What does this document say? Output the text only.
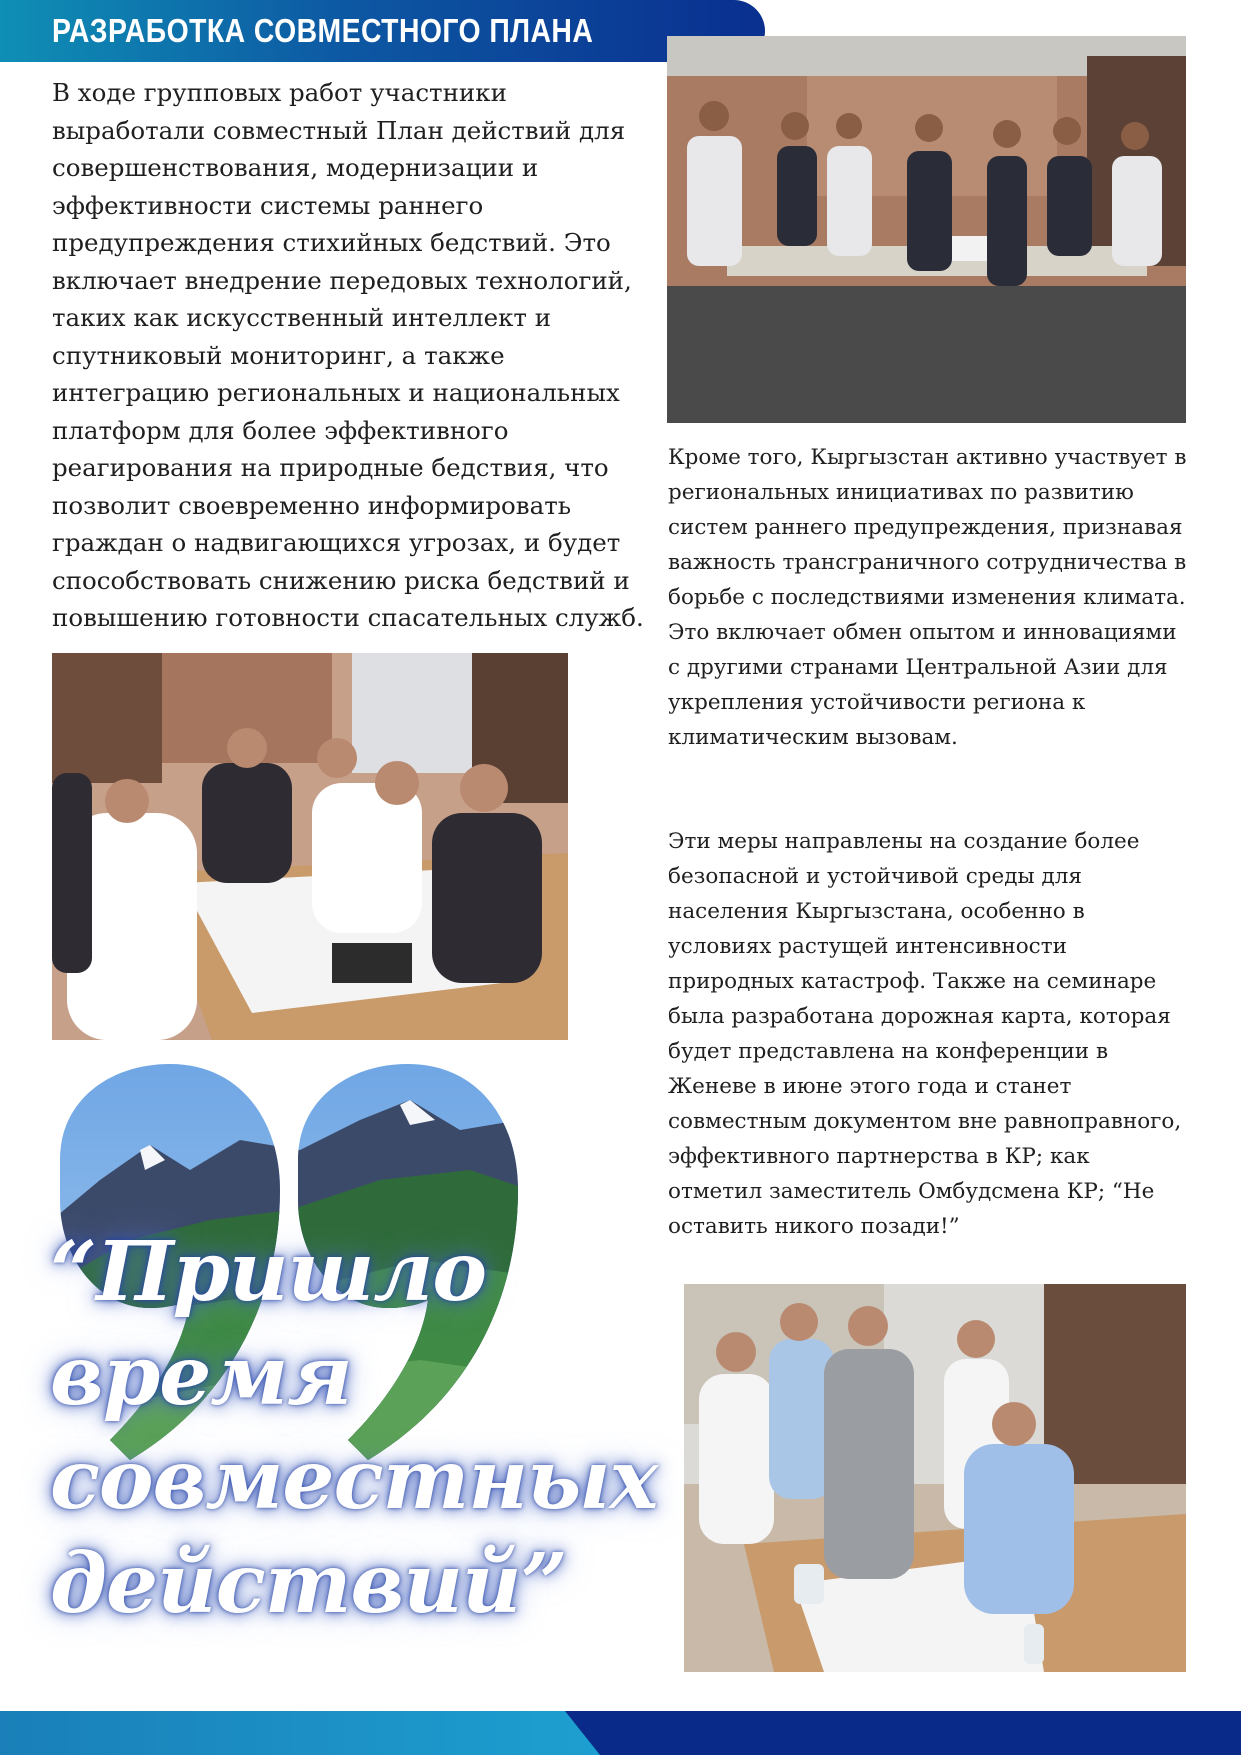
РАЗРАБОТКА СОВМЕСТНОГО ПЛАНА

В ходе групповых работ участники выработали совместный План действий для совершенствования, модернизации и эффективности системы раннего предупреждения стихийных бедствий. Это включает внедрение передовых технологий, таких как искусственный интеллект и спутниковый мониторинг, а также интеграцию региональных и национальных платформ для более эффективного реагирования на природные бедствия, что позволит своевременно информировать граждан о надвигающихся угрозах, и будет способствовать снижению риска бедствий и повышению готовности спасательных служб.

Кроме того, Кыргызстан активно участвует в региональных инициативах по развитию систем раннего предупреждения, признавая важность трансграничного сотрудничества в борьбе с последствиями изменения климата. Это включает обмен опытом и инновациями с другими странами Центральной Азии для укрепления устойчивости региона к климатическим вызовам.

“Пришло
время
совместных
действий”

Эти меры направлены на создание более безопасной и устойчивой среды для населения Кыргызстана, особенно в условиях растущей интенсивности природных катастроф. Также на семинаре была разработана дорожная карта, которая будет представлена на конференции в Женеве в июне этого года и станет совместным документом вне равноправного, эффективного партнерства в КР; как отметил заместитель Омбудсмена КР; “Не оставить никого позади!”
